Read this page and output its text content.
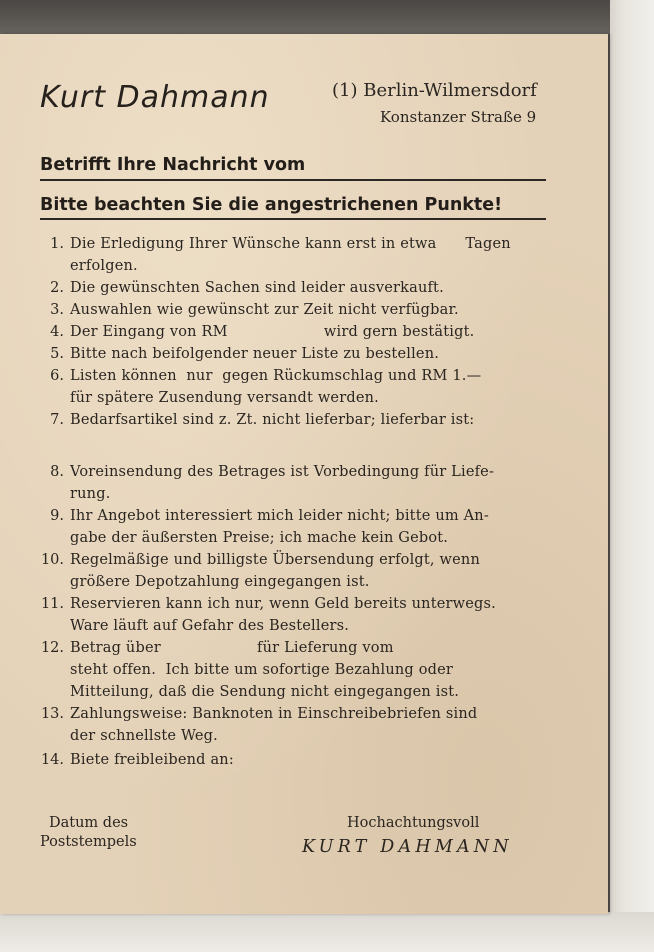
Kurt Dahmann	(1) Berlin-Wilmersdorf
Konstanzer Straße 9
Betrifft Ihre Nachricht vom
Bitte beachten Sie die angestrichenen Punkte!
1. Die Erledigung Ihrer Wünsche kann erst in etwa      Tagen
erfolgen.
2. Die gewünschten Sachen sind leider ausverkauft.
3. Auswahlen wie gewünscht zur Zeit nicht verfügbar.
4. Der Eingang von RM                    wird gern bestätigt.
5. Bitte nach beifolgender neuer Liste zu bestellen.
6. Listen können  nur  gegen Rückumschlag und RM 1.—
für spätere Zusendung versandt werden.
7. Bedarfsartikel sind z. Zt. nicht lieferbar; lieferbar ist:
8. Voreinsendung des Betrages ist Vorbedingung für Liefe-
rung.
9. Ihr Angebot interessiert mich leider nicht; bitte um An-
gabe der äußersten Preise; ich mache kein Gebot.
10. Regelmäßige und billigste Übersendung erfolgt, wenn
größere Depotzahlung eingegangen ist.
11. Reservieren kann ich nur, wenn Geld bereits unterwegs.
Ware läuft auf Gefahr des Bestellers.
12. Betrag über                    für Lieferung vom
steht offen.  Ich bitte um sofortige Bezahlung oder
Mitteilung, daß die Sendung nicht eingegangen ist.
13. Zahlungsweise: Banknoten in Einschreibebriefen sind
der schnellste Weg.
14. Biete freibleibend an:
Datum des
Poststempels
Hochachtungsvoll
KURT DAHMANN
